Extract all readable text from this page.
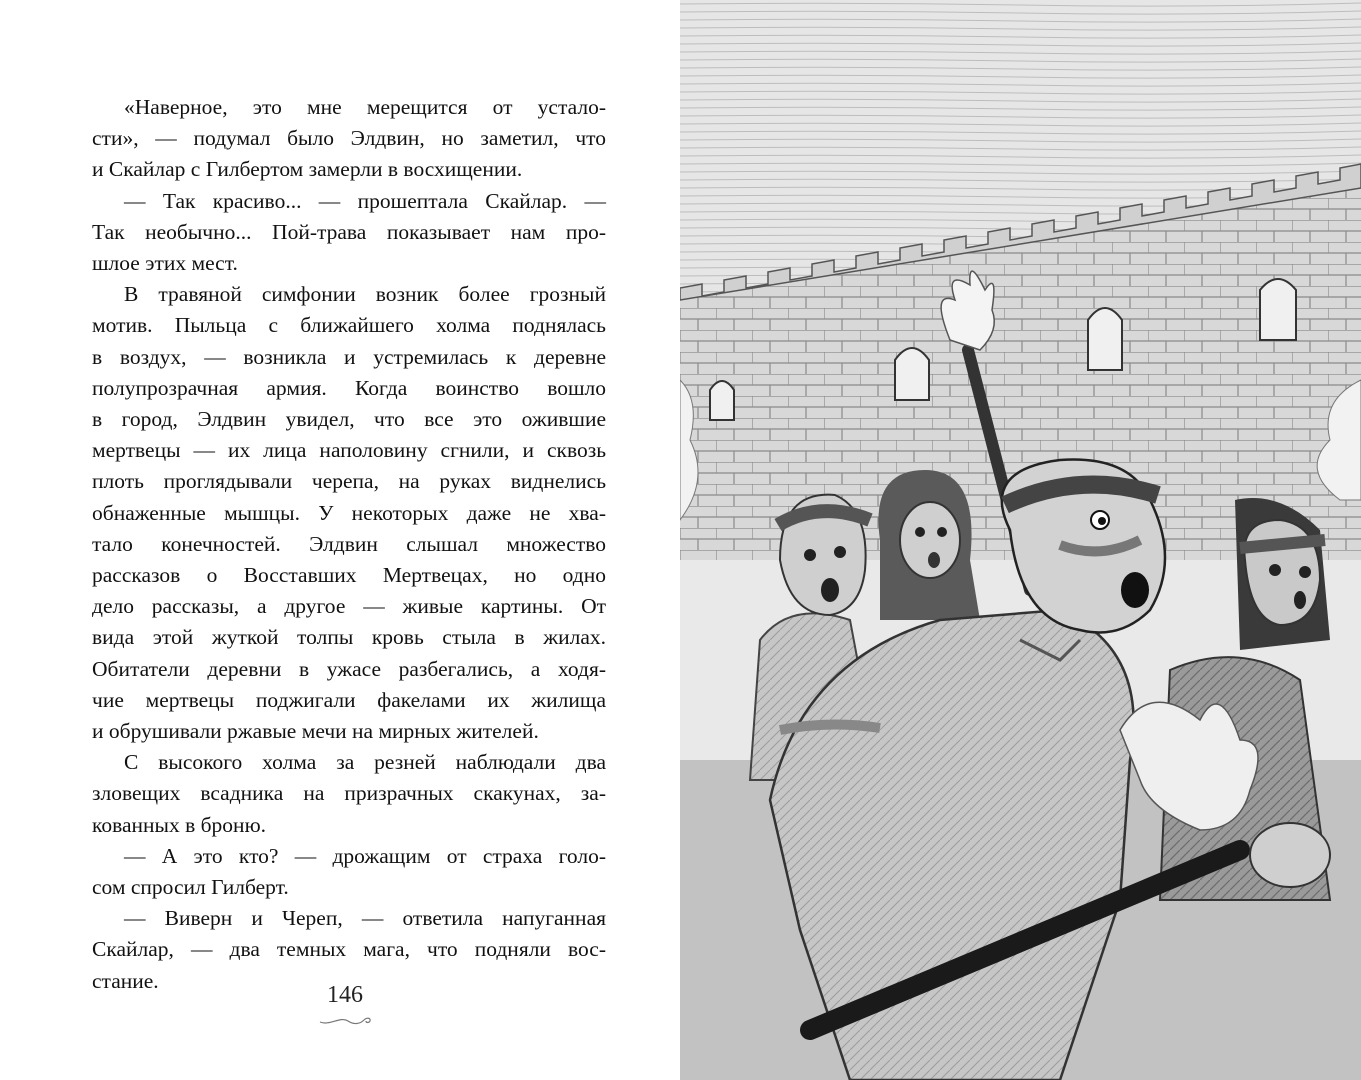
«Наверное, это мне мерещится от устало-
сти», — подумал было Элдвин, но заметил, что
и Скайлар с Гилбертом замерли в восхищении.

— Так красиво... — прошептала Скайлар. —
Так необычно... Пой-трава показывает нам про-
шлое этих мест.

В травяной симфонии возник более грозный
мотив. Пыльца с ближайшего холма поднялась
в воздух, — возникла и устремилась к деревне
полупрозрачная армия. Когда воинство вошло
в город, Элдвин увидел, что все это ожившие
мертвецы — их лица наполовину сгнили, и сквозь
плоть проглядывали черепа, на руках виднелись
обнаженные мышцы. У некоторых даже не хва-
тало конечностей. Элдвин слышал множество
рассказов о Восставших Мертвецах, но одно
дело рассказы, а другое — живые картины. От
вида этой жуткой толпы кровь стыла в жилах.
Обитатели деревни в ужасе разбегались, а ходя-
чие мертвецы поджигали факелами их жилища
и обрушивали ржавые мечи на мирных жителей.

С высокого холма за резней наблюдали два
зловещих всадника на призрачных скакунах, за-
кованных в броню.

— А это кто? — дрожащим от страха голо-
сом спросил Гилберт.

— Виверн и Череп, — ответила напуганная
Скайлар, — два темных мага, что подняли вос-
стание.

146
